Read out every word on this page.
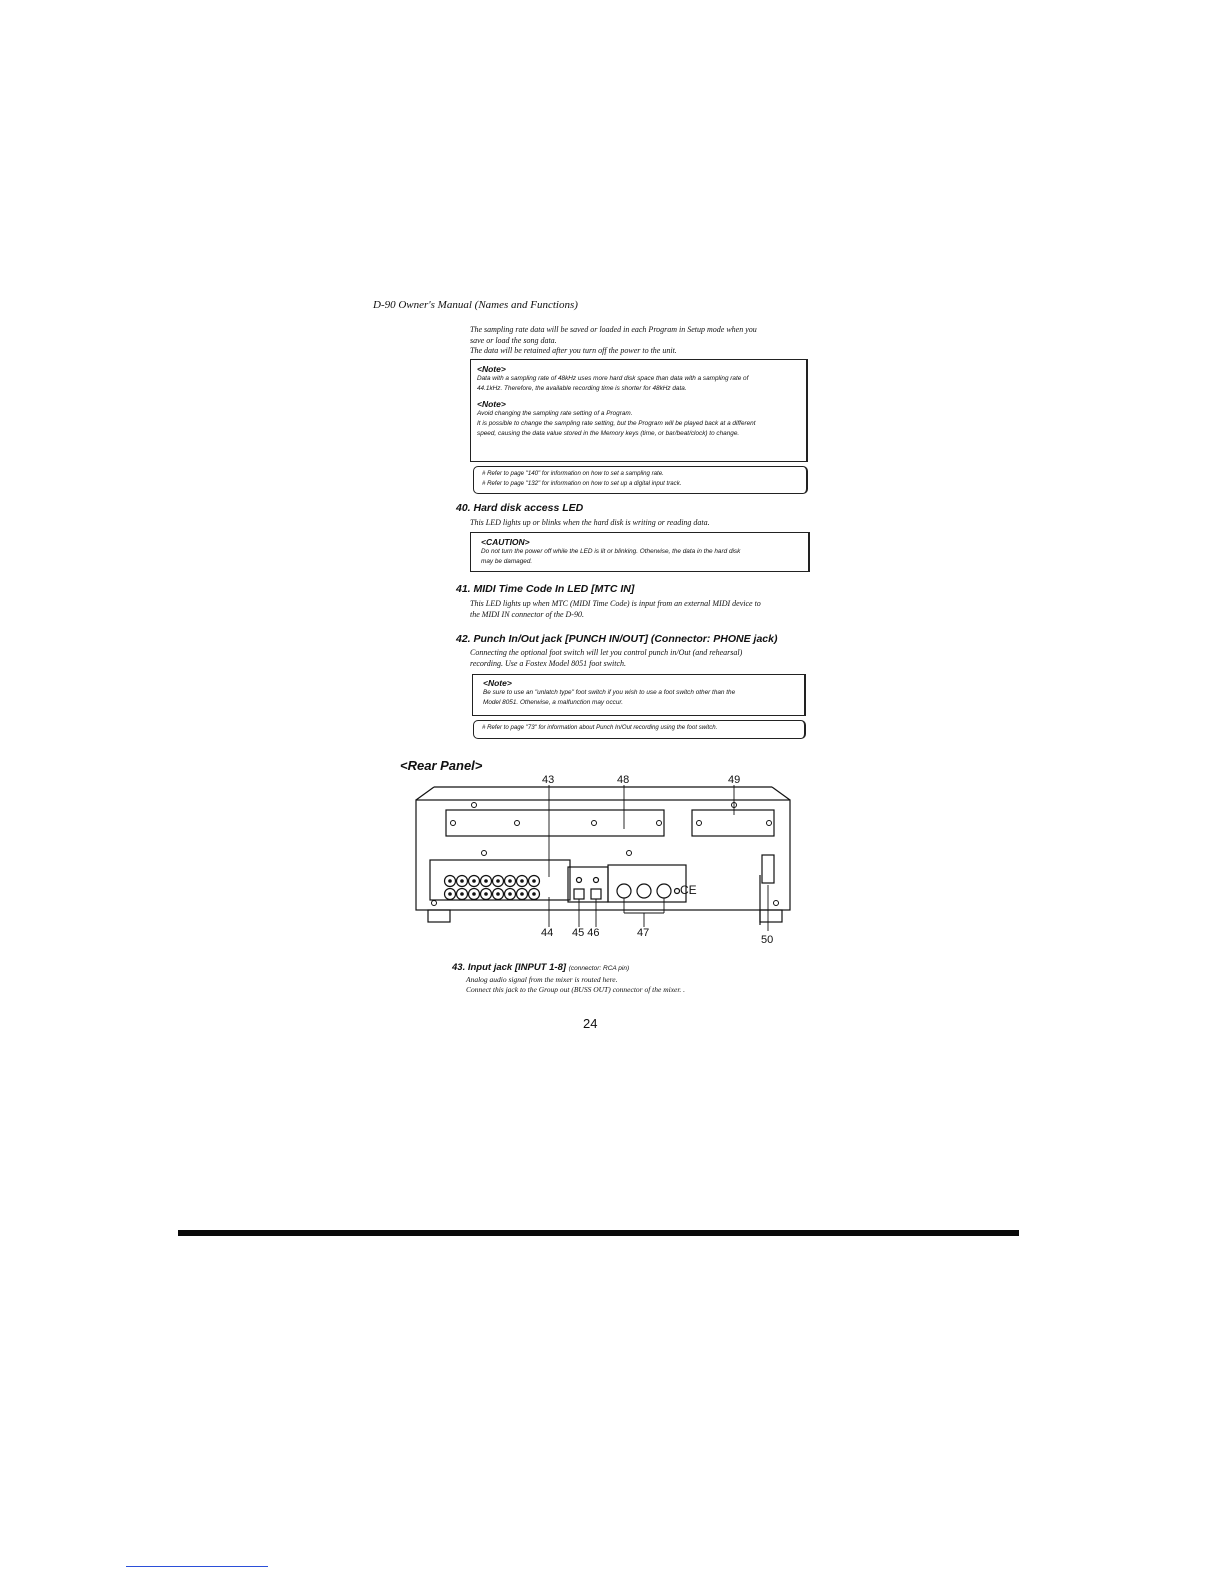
D-90 Owner's Manual (Names and Functions)
The sampling rate data will be saved or loaded in each Program in Setup mode when you
save or load the song data.
The data will be retained after you turn off the power to the unit.
<Note>
Data with a sampling rate of 48kHz uses more hard disk space than data with a sampling rate of
44.1kHz. Therefore, the available recording time is shorter for 48kHz data.
<Note>
Avoid changing the sampling rate setting of a Program.
It is possible to change the sampling rate setting, but the Program will be played back at a different
speed, causing the data value stored in the Memory keys (time, or bar/beat/clock) to change.
# Refer to page "140" for information on how to set a sampling rate.
# Refer to page "132" for information on how to set up a digital input track.
40. Hard disk access LED
This LED lights up or blinks when the hard disk is writing or reading data.
<CAUTION>
Do not turn the power off while the LED is lit or blinking. Otherwise, the data in the hard disk
may be damaged.
41. MIDI Time Code In LED [MTC IN]
This LED lights up when MTC (MIDI Time Code) is input from an external MIDI device to
the MIDI IN connector of the D-90.
42. Punch In/Out jack [PUNCH IN/OUT] (Connector: PHONE jack)
Connecting the optional foot switch will let you control punch in/Out (and rehearsal)
recording. Use a Fostex Model 8051 foot switch.
<Note>
Be sure to use an "unlatch type" foot switch if you wish to use a foot switch other than the
Model 8051. Otherwise, a malfunction may occur.
# Refer to page "73" for information about Punch In/Out recording using the foot switch.
<Rear Panel>
43	48	49
CE
44 45 46	47
50
43. Input jack [INPUT 1-8] (connector: RCA pin)
Analog audio signal from the mixer is routed here.
Connect this jack to the Group out (BUSS OUT) connector of the mixer. .
24
